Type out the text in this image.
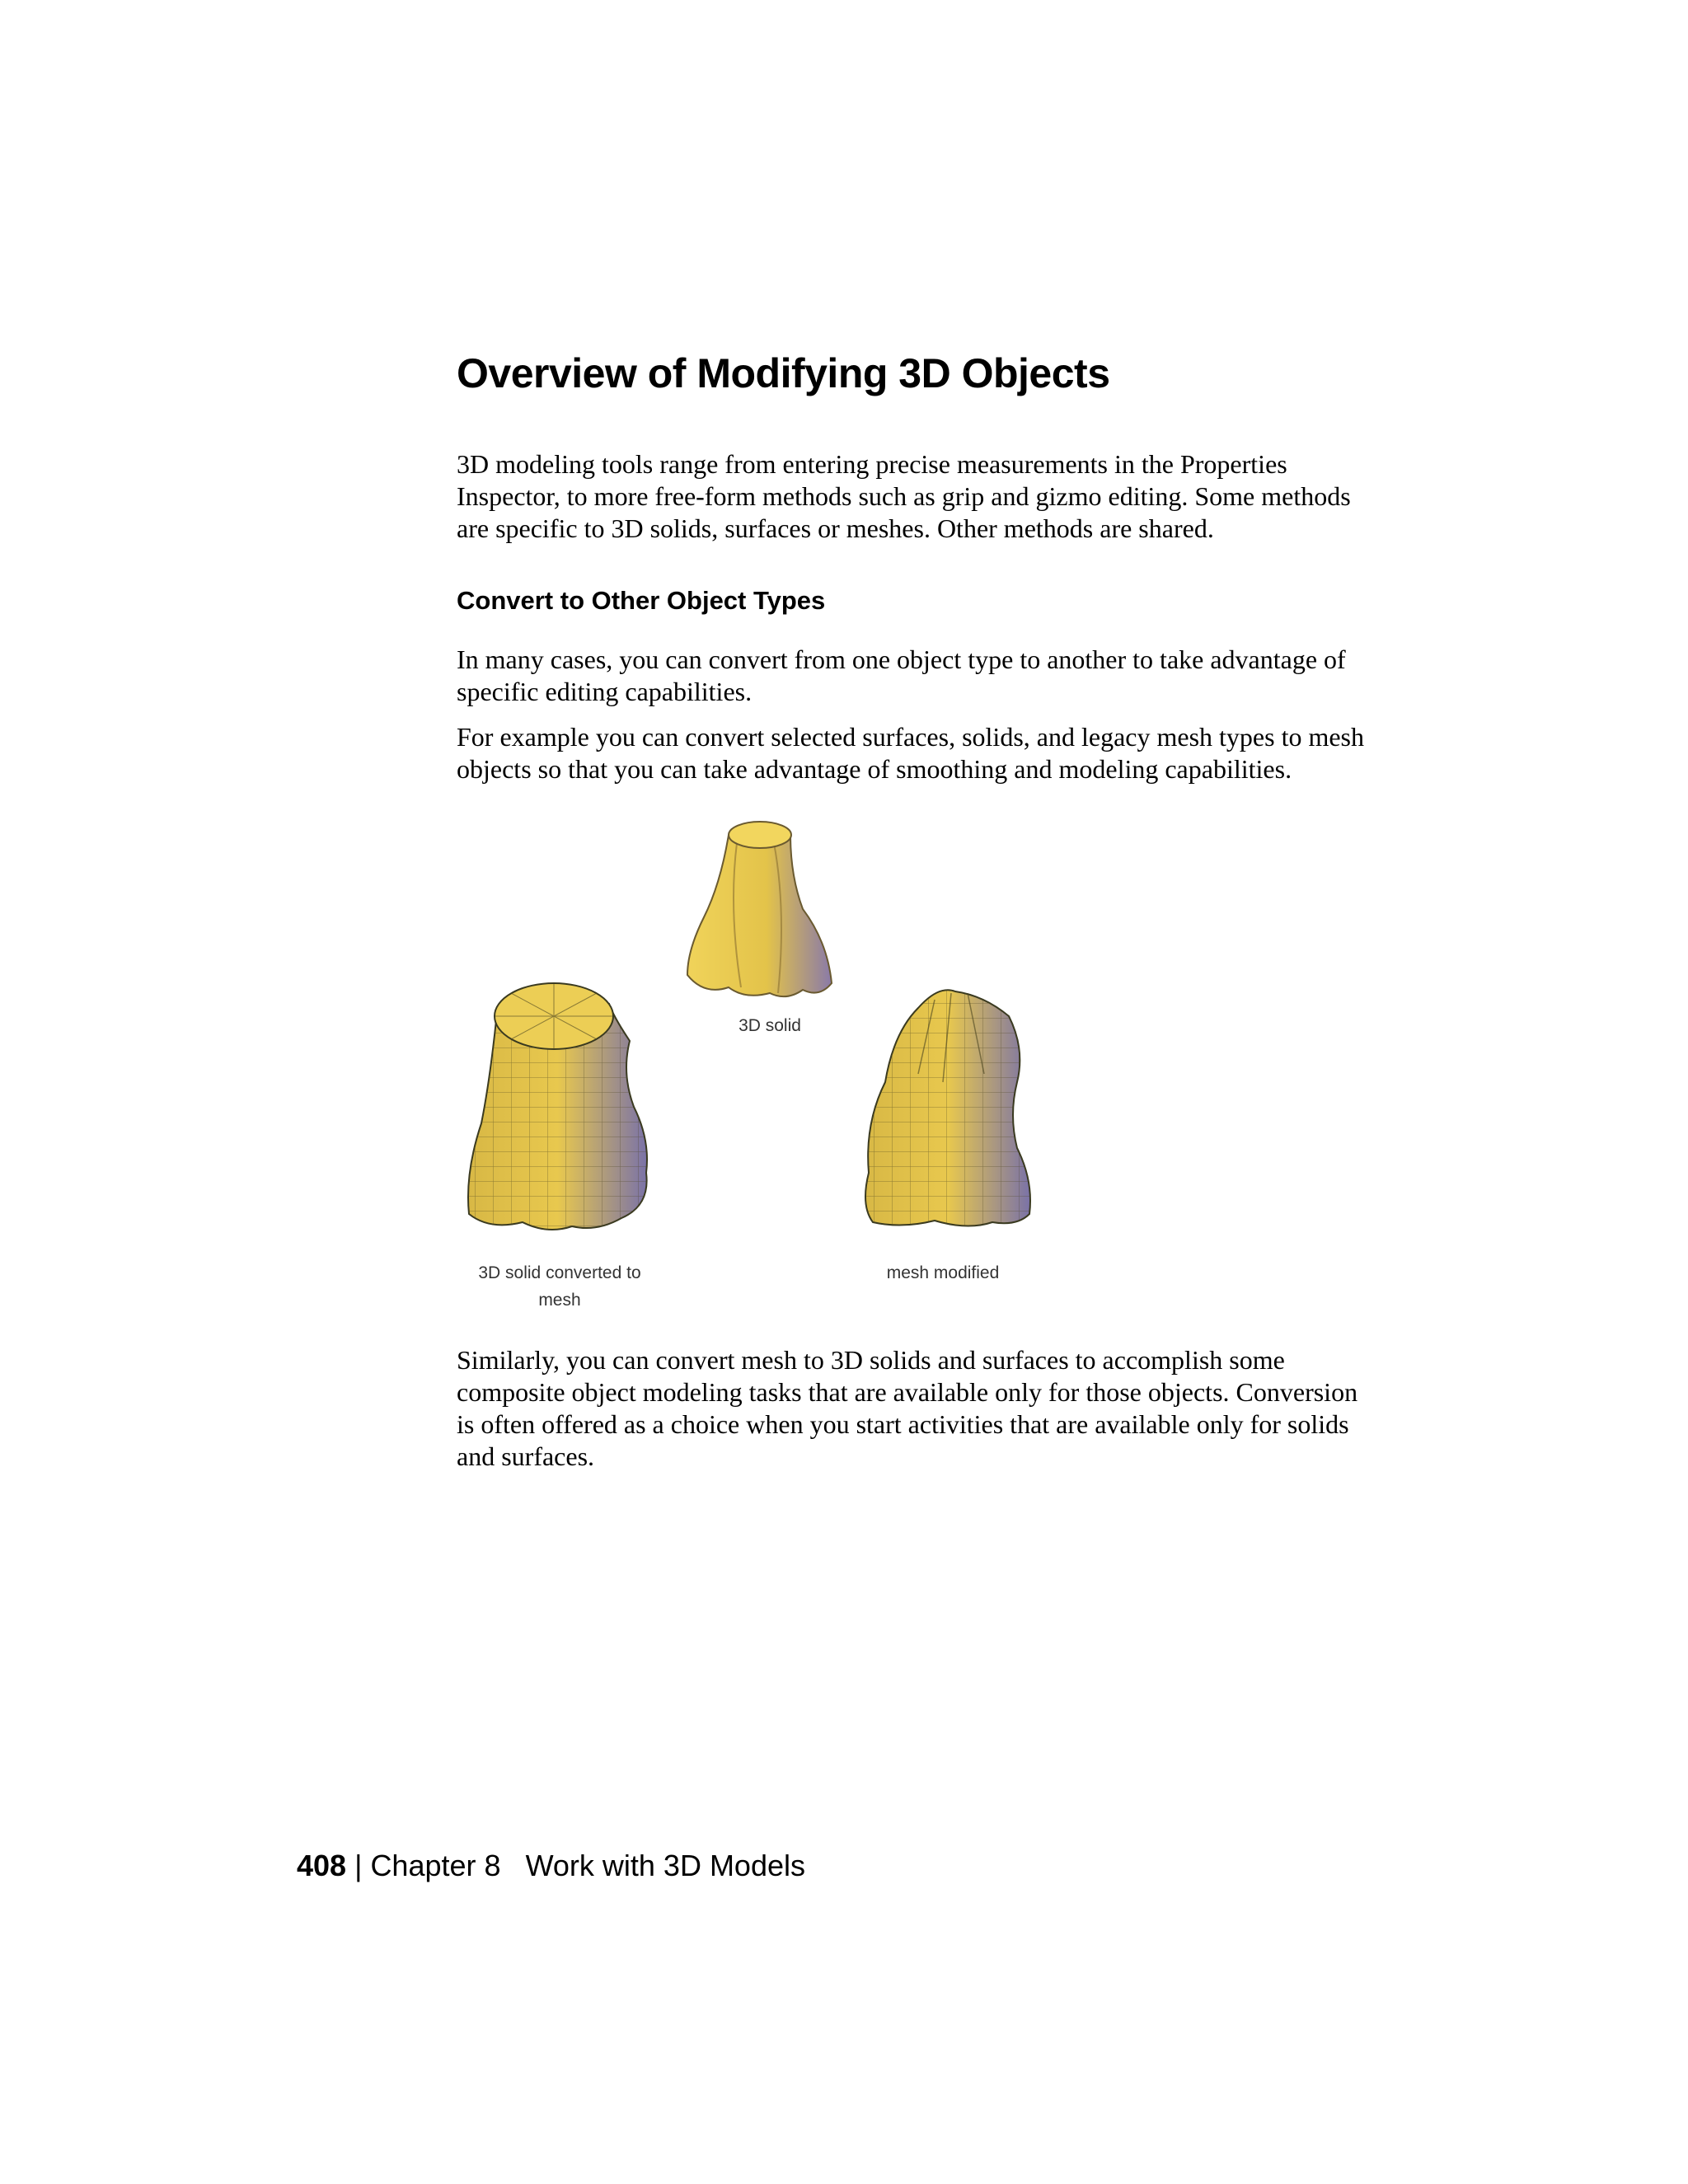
Overview of Modifying 3D Objects

3D modeling tools range from entering precise measurements in the Properties Inspector, to more free-form methods such as grip and gizmo editing. Some methods are specific to 3D solids, surfaces or meshes. Other methods are shared.

Convert to Other Object Types

In many cases, you can convert from one object type to another to take advantage of specific editing capabilities.

For example you can convert selected surfaces, solids, and legacy mesh types to mesh objects so that you can take advantage of smoothing and modeling capabilities.

3D solid
3D solid converted to mesh
mesh modified

Similarly, you can convert mesh to 3D solids and surfaces to accomplish some composite object modeling tasks that are available only for those objects. Conversion is often offered as a choice when you start activities that are available only for solids and surfaces.

408 | Chapter 8 Work with 3D Models
